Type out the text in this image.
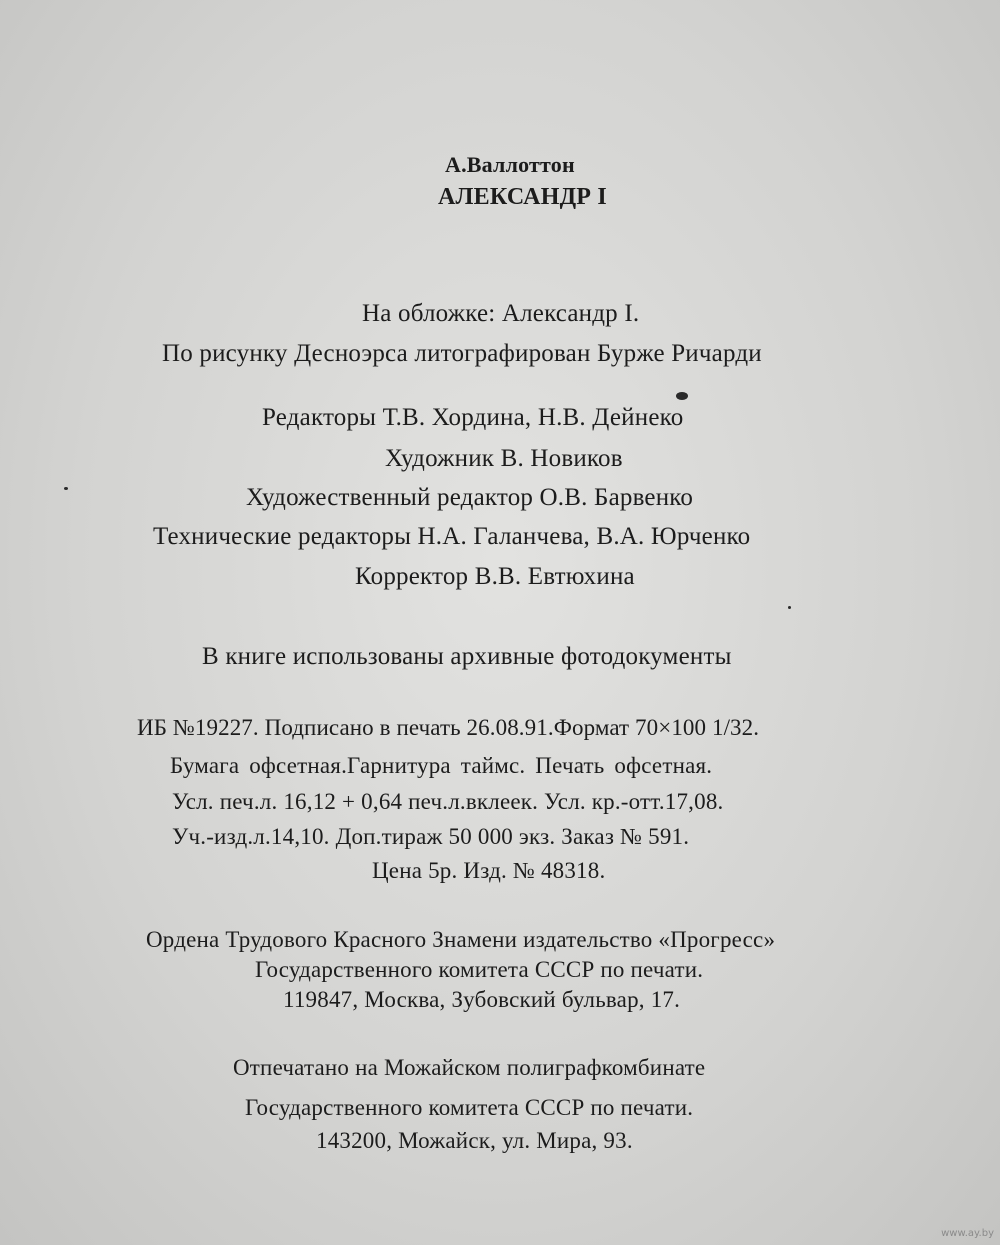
А.Валлоттон
АЛЕКСАНДР I
На обложке: Александр I.
По рисунку Десноэрса литографирован Бурже Ричарди
Редакторы Т.В. Хордина, Н.В. Дейнеко
Художник В. Новиков
Художественный редактор О.В. Барвенко
Технические редакторы Н.А. Галанчева, В.А. Юрченко
Корректор В.В. Евтюхина
В книге использованы архивные фотодокументы
ИБ №19227. Подписано в печать 26.08.91.Формат 70×100 1/32.
Бумага офсетная.Гарнитура таймс. Печать офсетная.
Усл. печ.л. 16,12 + 0,64 печ.л.вклеек. Усл. кр.-отт.17,08.
Уч.-изд.л.14,10. Доп.тираж 50 000 экз. Заказ № 591.
Цена 5р. Изд. № 48318.
Ордена Трудового Красного Знамени издательство «Прогресс»
Государственного комитета СССР по печати.
119847, Москва, Зубовский бульвар, 17.
Отпечатано на Можайском полиграфкомбинате
Государственного комитета СССР по печати.
143200, Можайск, ул. Мира, 93.
www.ay.by
